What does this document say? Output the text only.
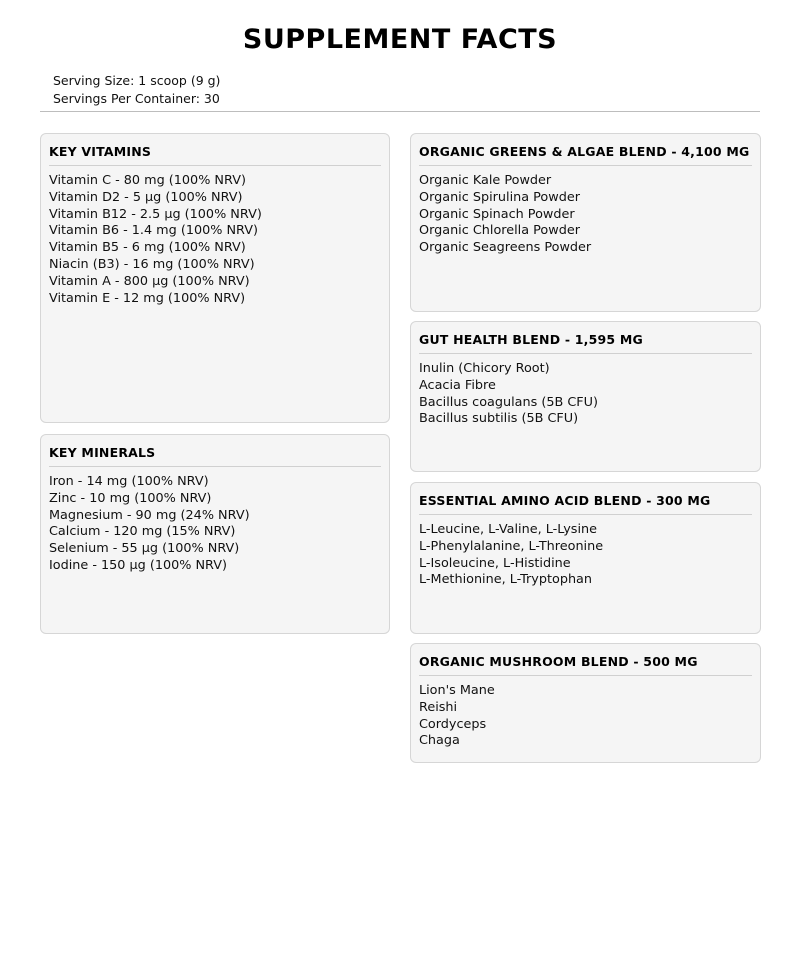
SUPPLEMENT FACTS
Serving Size: 1 scoop (9 g)
Servings Per Container: 30
KEY VITAMINS
Vitamin C - 80 mg (100% NRV)
Vitamin D2 - 5 µg (100% NRV)
Vitamin B12 - 2.5 µg (100% NRV)
Vitamin B6 - 1.4 mg (100% NRV)
Vitamin B5 - 6 mg (100% NRV)
Niacin (B3) - 16 mg (100% NRV)
Vitamin A - 800 µg (100% NRV)
Vitamin E - 12 mg (100% NRV)
KEY MINERALS
Iron - 14 mg (100% NRV)
Zinc - 10 mg (100% NRV)
Magnesium - 90 mg (24% NRV)
Calcium - 120 mg (15% NRV)
Selenium - 55 µg (100% NRV)
Iodine - 150 µg (100% NRV)
ORGANIC GREENS & ALGAE BLEND - 4,100 MG
Organic Kale Powder
Organic Spirulina Powder
Organic Spinach Powder
Organic Chlorella Powder
Organic Seagreens Powder
GUT HEALTH BLEND - 1,595 MG
Inulin (Chicory Root)
Acacia Fibre
Bacillus coagulans (5B CFU)
Bacillus subtilis (5B CFU)
ESSENTIAL AMINO ACID BLEND - 300 MG
L-Leucine, L-Valine, L-Lysine
L-Phenylalanine, L-Threonine
L-Isoleucine, L-Histidine
L-Methionine, L-Tryptophan
ORGANIC MUSHROOM BLEND - 500 MG
Lion's Mane
Reishi
Cordyceps
Chaga
